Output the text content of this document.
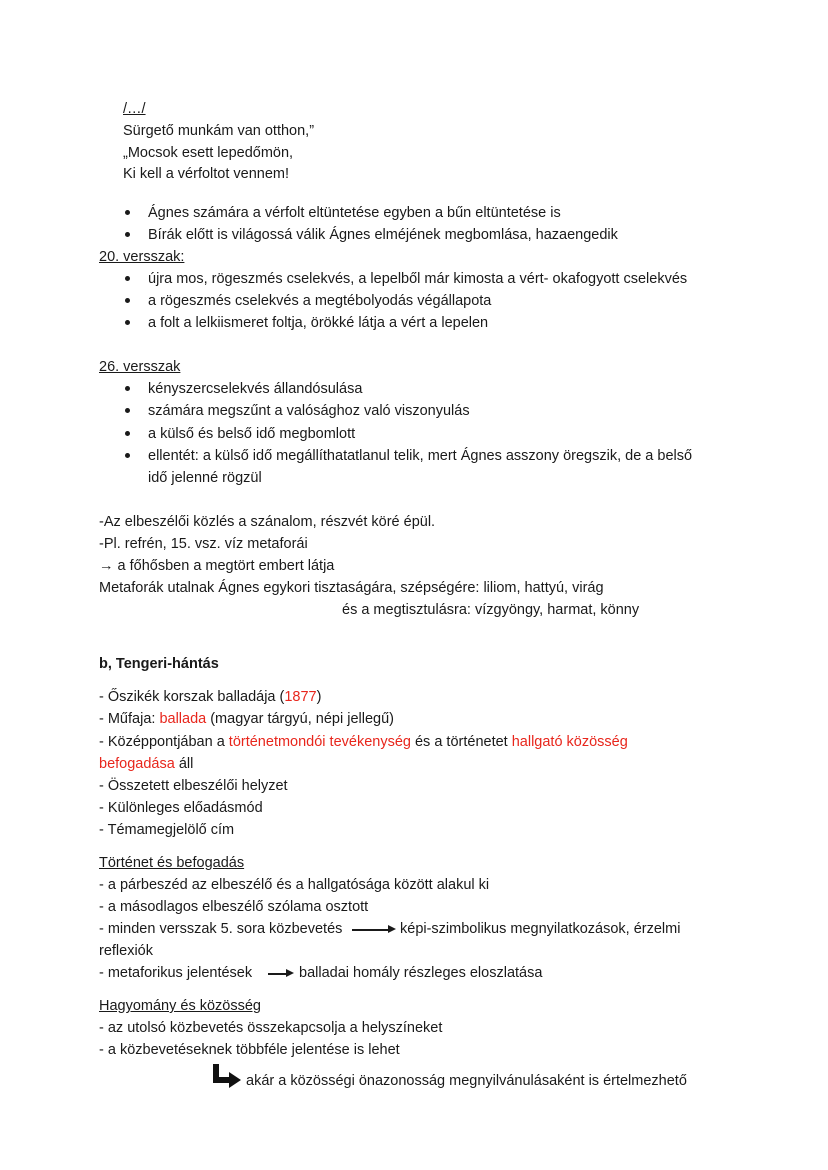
/…/
Sürgető munkám van otthon,”
„Mocsok esett lepedőmön,
Ki kell a vérfoltot vennem!
Ágnes számára a vérfolt eltüntetése egyben a bűn eltüntetése is
Bírák előtt is világossá válik Ágnes elméjének megbomlása, hazaengedik
20. versszak:
újra mos, rögeszmés cselekvés, a lepelből már kimosta a vért- okafogyott cselekvés
a rögeszmés cselekvés a megtébolyodás végállapota
a folt a lelkiismeret foltja, örökké látja a vért a lepelen
26. versszak
kényszercselekvés állandósulása
számára megszűnt a valósághoz való viszonyulás
a külső és belső idő megbomlott
ellentét: a külső idő megállíthatatlanul telik, mert Ágnes asszony öregszik, de a belső
idő jelenné rögzül
-Az elbeszélői közlés a szánalom, részvét köré épül.
-Pl. refrén, 15. vsz. víz metaforái
→ a főhősben a megtört embert látja
Metaforák utalnak Ágnes egykori tisztaságára, szépségére: liliom, hattyú, virág
és a megtisztulásra: vízgyöngy, harmat, könny
b, Tengeri-hántás
- Őszikék korszak balladája (1877)
- Műfaja: ballada (magyar tárgyú, népi jellegű)
- Középpontjában a történetmondói tevékenység és a történetet hallgató közösség
befogadása áll
- Összetett elbeszélői helyzet
- Különleges előadásmód
- Témamegjelölő cím
Történet és befogadás
- a párbeszéd az elbeszélő és a hallgatósága között alakul ki
- a másodlagos elbeszélő szólama osztott
- minden versszak 5. sora közbevetés	képi-szimbolikus megnyilatkozások, érzelmi
reflexiók
- metaforikus jelentések	balladai homály részleges eloszlatása
Hagyomány és közösség
- az utolsó közbevetés összekapcsolja a helyszíneket
- a közbevetéseknek többféle jelentése is lehet
akár a közösségi önazonosság megnyilvánulásaként is értelmezhető
